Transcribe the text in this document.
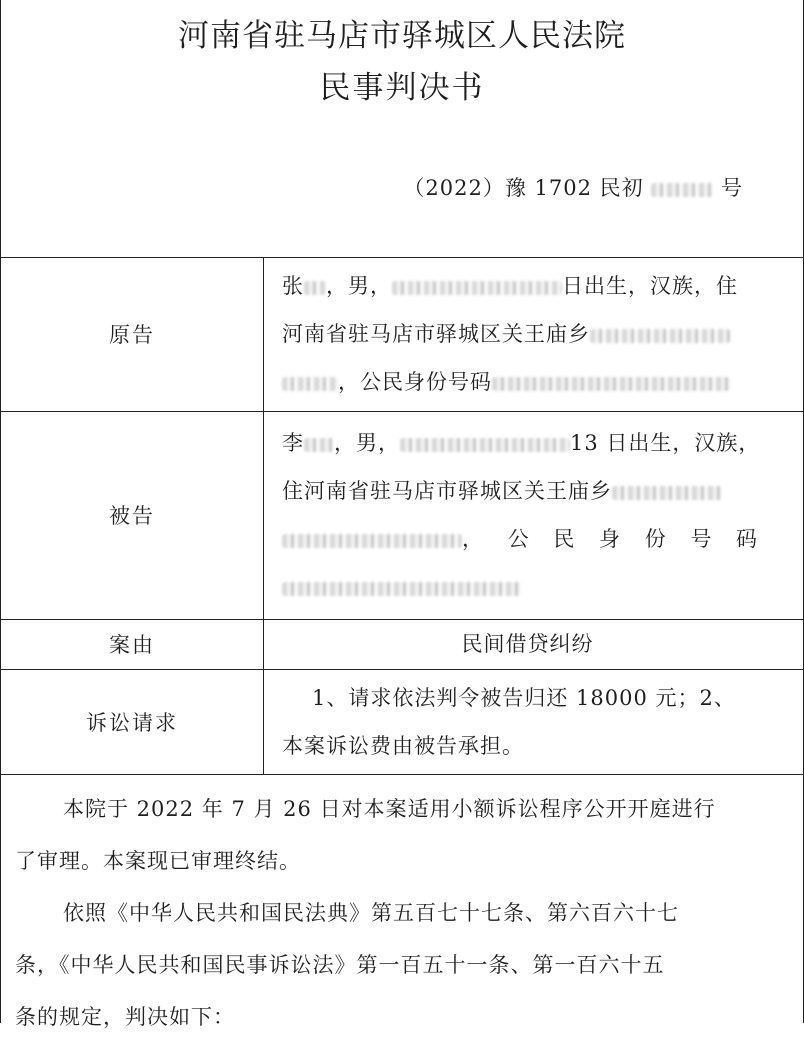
河南省驻马店市驿城区人民法院
民事判决书
（2022）豫 1702 民初	号
原告	张 ，男， 日出生，汉族，住
河南省驻马店市驿城区关王庙乡
，公民身份号码

被告	李 ，男， 13 日出生，汉族，
住河南省驻马店市驿城区关王庙乡
， 公 民 身 份 号 码

案由	民间借贷纠纷

诉讼请求	1、请求依法判令被告归还 18000 元；2、
本案诉讼费由被告承担。

本院于 2022 年 7 月 26 日对本案适用小额诉讼程序公开开庭进行

了审理。本案现已审理终结。

依照《中华人民共和国民法典》第五百七十七条、第六百六十七

条，《中华人民共和国民事诉讼法》第一百五十一条、第一百六十五

条的规定，判决如下：
